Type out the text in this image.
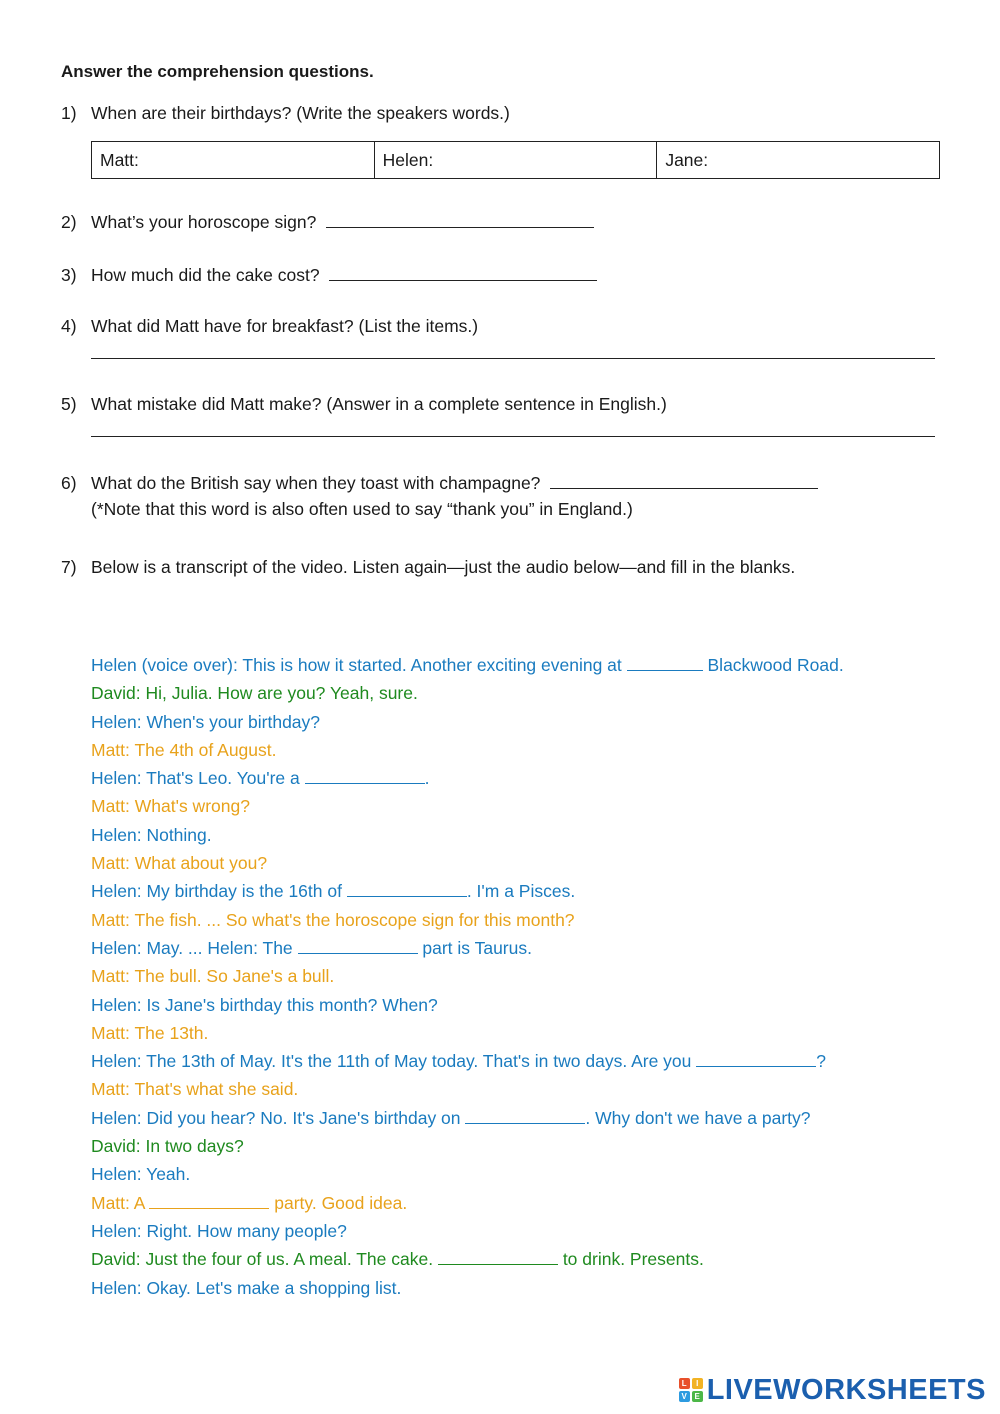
Answer the comprehension questions.
1) When are their birthdays? (Write the speakers words.)
Matt:	Helen:	Jane:
2) What’s your horoscope sign?
3) How much did the cake cost?
4) What did Matt have for breakfast? (List the items.)
5) What mistake did Matt make? (Answer in a complete sentence in English.)
6) What do the British say when they toast with champagne?
(*Note that this word is also often used to say “thank you” in England.)
7) Below is a transcript of the video. Listen again—just the audio below—and fill in the blanks.
Helen (voice over): This is how it started. Another exciting evening at	Blackwood Road.
David: Hi, Julia. How are you? Yeah, sure.
Helen: When's your birthday?
Matt: The 4th of August.
Helen: That's Leo. You're a	.
Matt: What's wrong?
Helen: Nothing.
Matt: What about you?
Helen: My birthday is the 16th of	. I'm a Pisces.
Matt: The fish. ... So what's the horoscope sign for this month?
Helen: May. ... Helen: The	part is Taurus.
Matt: The bull. So Jane's a bull.
Helen: Is Jane's birthday this month? When?
Matt: The 13th.
Helen: The 13th of May. It's the 11th of May today. That's in two days. Are you	?
Matt: That's what she said.
Helen: Did you hear? No. It's Jane's birthday on	. Why don't we have a party?
David: In two days?
Helen: Yeah.
Matt: A	party. Good idea.
Helen: Right. How many people?
David: Just the four of us. A meal. The cake.	to drink. Presents.
Helen: Okay. Let's make a shopping list.
L	I
V E LIVEWORKSHEETS
